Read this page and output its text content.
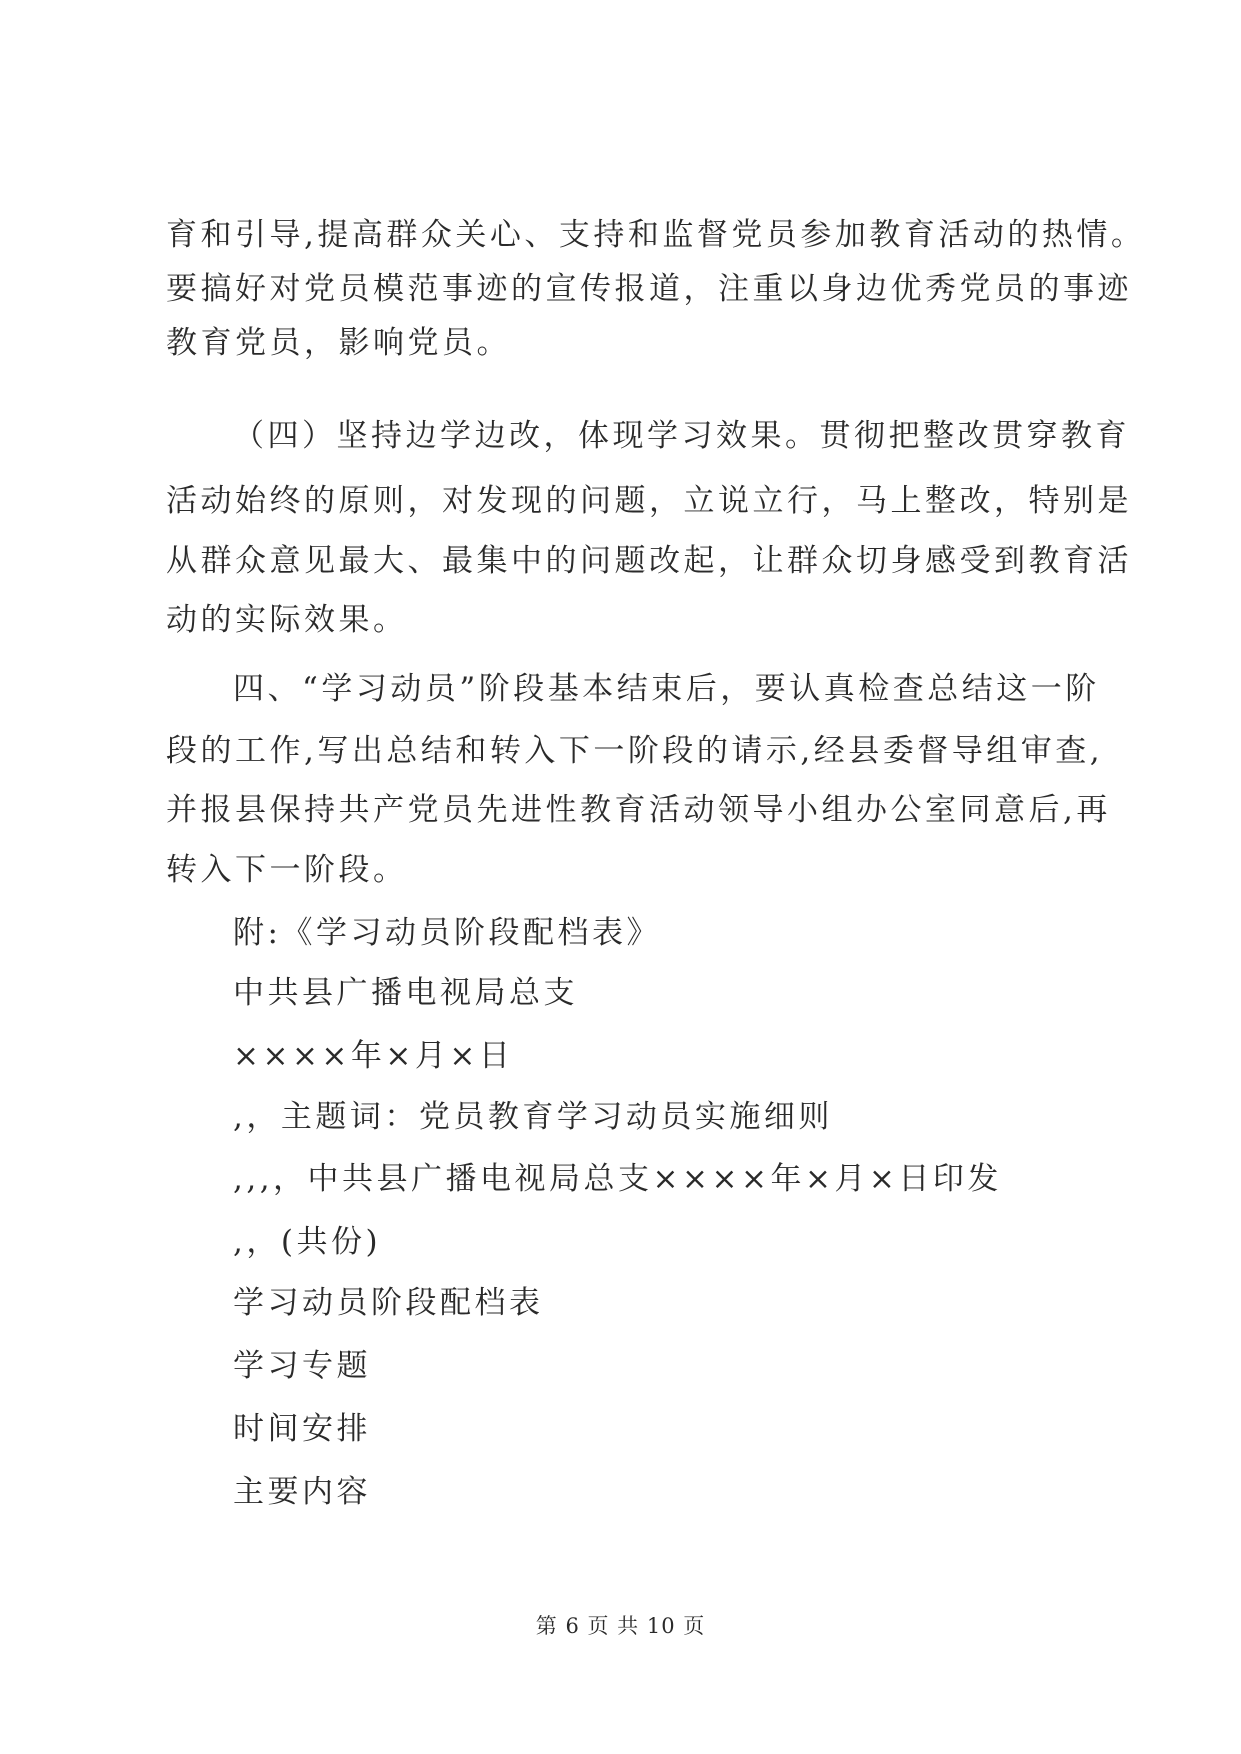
育和引导,提高群众关心、支持和监督党员参加教育活动的热情。
要搞好对党员模范事迹的宣传报道，注重以身边优秀党员的事迹
教育党员，影响党员。
（四）坚持边学边改，体现学习效果。贯彻把整改贯穿教育
活动始终的原则，对发现的问题，立说立行，马上整改，特别是
从群众意见最大、最集中的问题改起，让群众切身感受到教育活
动的实际效果。
四、“学习动员”阶段基本结束后，要认真检查总结这一阶
段的工作,写出总结和转入下一阶段的请示,经县委督导组审查,
并报县保持共产党员先进性教育活动领导小组办公室同意后,再
转入下一阶段。
附:《学习动员阶段配档表》
中共县广播电视局总支
××××年×月×日
,，主题词：党员教育学习动员实施细则
,,,，中共县广播电视局总支××××年×月×日印发
,，(共份)
学习动员阶段配档表
学习专题
时间安排
主要内容
第 6 页 共 10 页
